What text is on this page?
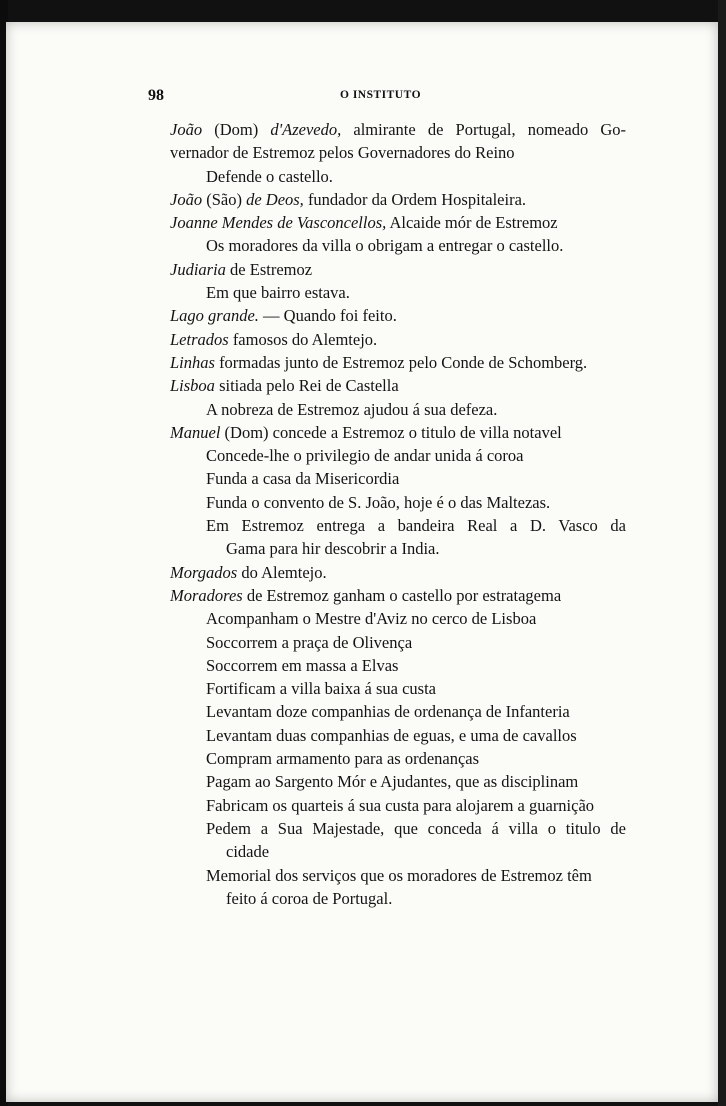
98	O INSTITUTO
João (Dom) d'Azevedo, almirante de Portugal, nomeado Go-
vernador de Estremoz pelos Governadores do Reino
Defende o castello.
João (São) de Deos, fundador da Ordem Hospitaleira.
Joanne Mendes de Vasconcellos, Alcaide mór de Estremoz
Os moradores da villa o obrigam a entregar o castello.
Judiaria de Estremoz
Em que bairro estava.
Lago grande. — Quando foi feito.
Letrados famosos do Alemtejo.
Linhas formadas junto de Estremoz pelo Conde de Schomberg.
Lisboa sitiada pelo Rei de Castella
A nobreza de Estremoz ajudou á sua defeza.
Manuel (Dom) concede a Estremoz o titulo de villa notavel
Concede-lhe o privilegio de andar unida á coroa
Funda a casa da Misericordia
Funda o convento de S. João, hoje é o das Maltezas.
Em Estremoz entrega a bandeira Real a D. Vasco da
Gama para hir descobrir a India.
Morgados do Alemtejo.
Moradores de Estremoz ganham o castello por estratagema
Acompanham o Mestre d'Aviz no cerco de Lisboa
Soccorrem a praça de Olivença
Soccorrem em massa a Elvas
Fortificam a villa baixa á sua custa
Levantam doze companhias de ordenança de Infanteria
Levantam duas companhias de eguas, e uma de cavallos
Compram armamento para as ordenanças
Pagam ao Sargento Mór e Ajudantes, que as disciplinam
Fabricam os quarteis á sua custa para alojarem a guarnição
Pedem a Sua Majestade, que conceda á villa o titulo de
cidade
Memorial dos serviços que os moradores de Estremoz têm
feito á coroa de Portugal.
